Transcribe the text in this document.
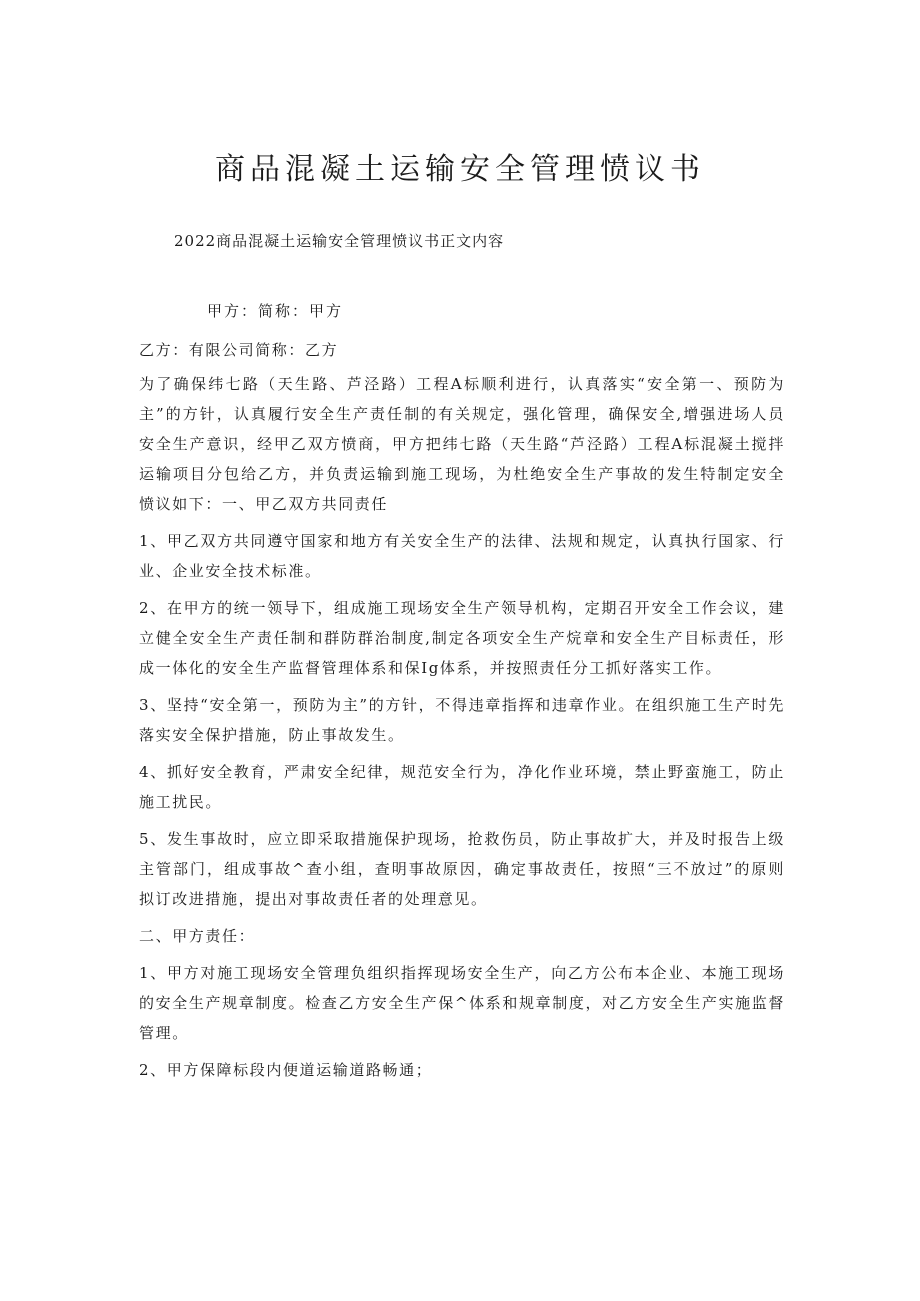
商品混凝土运输安全管理愤议书
2022商品混凝土运输安全管理愤议书正文内容
甲方：简称：甲方

乙方：有限公司简称：乙方

为了确保纬七路（天生路、芦泾路）工程A标顺利进行，认真落实“安全第一、预防为主”的方针，认真履行安全生产责任制的有关规定，强化管理，确保安全,增强进场人员安全生产意识，经甲乙双方愤商，甲方把纬七路（天生路“芦泾路）工程A标混凝土搅拌运输项目分包给乙方，并负责运输到施工现场，为杜绝安全生产事故的发生特制定安全愤议如下：一、甲乙双方共同责任

1、甲乙双方共同遵守国家和地方有关安全生产的法律、法规和规定，认真执行国家、行业、企业安全技术标准。

2、在甲方的统一领导下，组成施工现场安全生产领导机构，定期召开安全工作会议，建立健全安全生产责任制和群防群治制度,制定各项安全生产烷章和安全生产目标责任，形成一体化的安全生产监督管理体系和保Ig体系，并按照责任分工抓好落实工作。

3、坚持“安全第一，预防为主”的方针，不得违章指挥和违章作业。在组织施工生产时先落实安全保护措施，防止事故发生。

4、抓好安全教育，严肃安全纪律，规范安全行为，净化作业环境，禁止野蛮施工，防止施工扰民。

5、发生事故时，应立即采取措施保护现场，抢救伤员，防止事故扩大，并及时报告上级主管部门，组成事故^查小组，查明事故原因，确定事故责任，按照“三不放过”的原则拟订改进措施，提出对事故责任者的处理意见。

二、甲方责任：

1、甲方对施工现场安全管理负组织指挥现场安全生产，向乙方公布本企业、本施工现场的安全生产规章制度。检查乙方安全生产保^体系和规章制度，对乙方安全生产实施监督管理。

2、甲方保障标段内便道运输道路畅通；
